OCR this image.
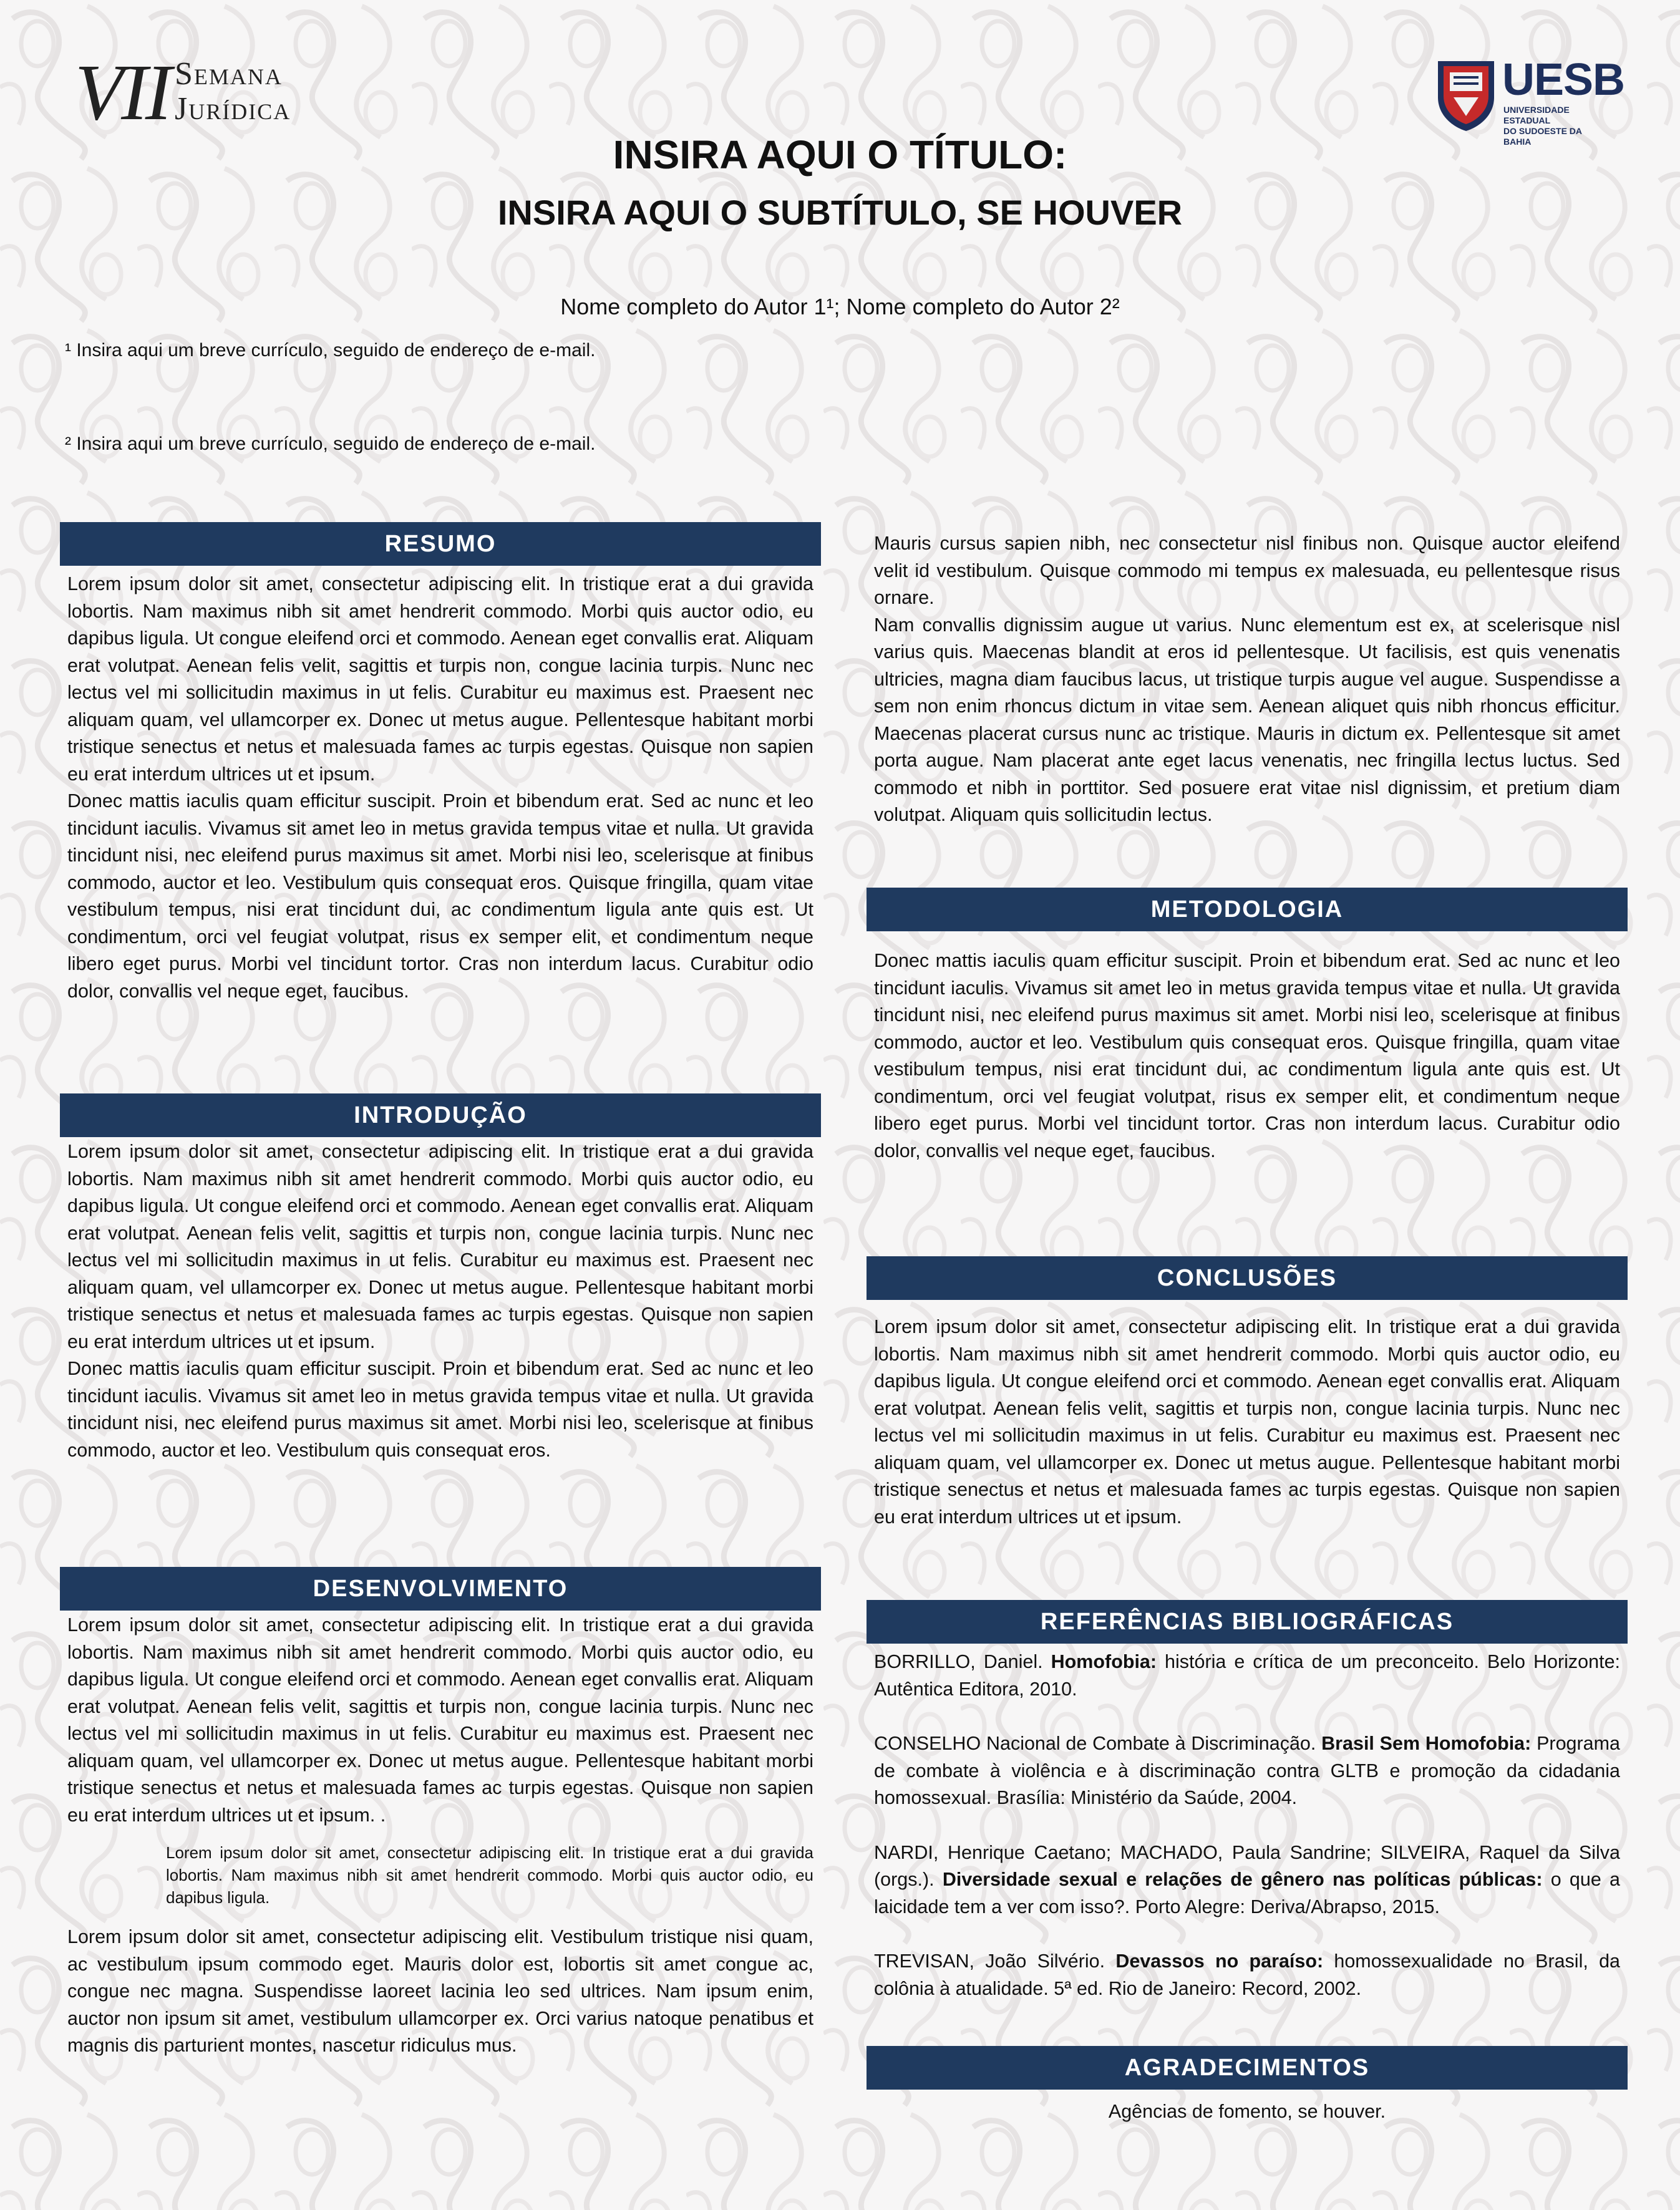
VII Semana
Jurídica
UESB
UNIVERSIDADE ESTADUAL
DO SUDOESTE DA BAHIA
INSIRA AQUI O TÍTULO:
INSIRA AQUI O SUBTÍTULO, SE HOUVER
Nome completo do Autor 1¹; Nome completo do Autor 2²
¹ Insira aqui um breve currículo, seguido de endereço de e-mail.
² Insira aqui um breve currículo, seguido de endereço de e-mail.
RESUMO

Lorem ipsum dolor sit amet, consectetur adipiscing elit. In tristique erat a dui gravida lobortis. Nam maximus nibh sit amet hendrerit commodo. Morbi quis auctor odio, eu dapibus ligula. Ut congue eleifend orci et commodo. Aenean eget convallis erat. Aliquam erat volutpat. Aenean felis velit, sagittis et turpis non, congue lacinia turpis. Nunc nec lectus vel mi sollicitudin maximus in ut felis. Curabitur eu maximus est. Praesent nec aliquam quam, vel ullamcorper ex. Donec ut metus augue. Pellentesque habitant morbi tristique senectus et netus et malesuada fames ac turpis egestas. Quisque non sapien eu erat interdum ultrices ut et ipsum.

Donec mattis iaculis quam efficitur suscipit. Proin et bibendum erat. Sed ac nunc et leo tincidunt iaculis. Vivamus sit amet leo in metus gravida tempus vitae et nulla. Ut gravida tincidunt nisi, nec eleifend purus maximus sit amet. Morbi nisi leo, scelerisque at finibus commodo, auctor et leo. Vestibulum quis consequat eros. Quisque fringilla, quam vitae vestibulum tempus, nisi erat tincidunt dui, ac condimentum ligula ante quis est. Ut condimentum, orci vel feugiat volutpat, risus ex semper elit, et condimentum neque libero eget purus. Morbi vel tincidunt tortor. Cras non interdum lacus. Curabitur odio dolor, convallis vel neque eget, faucibus.

INTRODUÇÃO

Lorem ipsum dolor sit amet, consectetur adipiscing elit. In tristique erat a dui gravida lobortis. Nam maximus nibh sit amet hendrerit commodo. Morbi quis auctor odio, eu dapibus ligula. Ut congue eleifend orci et commodo. Aenean eget convallis erat. Aliquam erat volutpat. Aenean felis velit, sagittis et turpis non, congue lacinia turpis. Nunc nec lectus vel mi sollicitudin maximus in ut felis. Curabitur eu maximus est. Praesent nec aliquam quam, vel ullamcorper ex. Donec ut metus augue. Pellentesque habitant morbi tristique senectus et netus et malesuada fames ac turpis egestas. Quisque non sapien eu erat interdum ultrices ut et ipsum.

Donec mattis iaculis quam efficitur suscipit. Proin et bibendum erat. Sed ac nunc et leo tincidunt iaculis. Vivamus sit amet leo in metus gravida tempus vitae et nulla. Ut gravida tincidunt nisi, nec eleifend purus maximus sit amet. Morbi nisi leo, scelerisque at finibus commodo, auctor et leo. Vestibulum quis consequat eros.

DESENVOLVIMENTO

Lorem ipsum dolor sit amet, consectetur adipiscing elit. In tristique erat a dui gravida lobortis. Nam maximus nibh sit amet hendrerit commodo. Morbi quis auctor odio, eu dapibus ligula. Ut congue eleifend orci et commodo. Aenean eget convallis erat. Aliquam erat volutpat. Aenean felis velit, sagittis et turpis non, congue lacinia turpis. Nunc nec lectus vel mi sollicitudin maximus in ut felis. Curabitur eu maximus est. Praesent nec aliquam quam, vel ullamcorper ex. Donec ut metus augue. Pellentesque habitant morbi tristique senectus et netus et malesuada fames ac turpis egestas. Quisque non sapien eu erat interdum ultrices ut et ipsum. .

Lorem ipsum dolor sit amet, consectetur adipiscing elit. In tristique erat a dui gravida lobortis. Nam maximus nibh sit amet hendrerit commodo. Morbi quis auctor odio, eu dapibus ligula.

Lorem ipsum dolor sit amet, consectetur adipiscing elit. Vestibulum tristique nisi quam, ac vestibulum ipsum commodo eget. Mauris dolor est, lobortis sit amet congue ac, congue nec magna. Suspendisse laoreet lacinia leo sed ultrices. Nam ipsum enim, auctor non ipsum sit amet, vestibulum ullamcorper ex. Orci varius natoque penatibus et magnis dis parturient montes, nascetur ridiculus mus.

Mauris cursus sapien nibh, nec consectetur nisl finibus non. Quisque auctor eleifend velit id vestibulum. Quisque commodo mi tempus ex malesuada, eu pellentesque risus ornare.

Nam convallis dignissim augue ut varius. Nunc elementum est ex, at scelerisque nisl varius quis. Maecenas blandit at eros id pellentesque. Ut facilisis, est quis venenatis ultricies, magna diam faucibus lacus, ut tristique turpis augue vel augue. Suspendisse a sem non enim rhoncus dictum in vitae sem. Aenean aliquet quis nibh rhoncus efficitur. Maecenas placerat cursus nunc ac tristique. Mauris in dictum ex. Pellentesque sit amet porta augue. Nam placerat ante eget lacus venenatis, nec fringilla lectus luctus. Sed commodo et nibh in porttitor. Sed posuere erat vitae nisl dignissim, et pretium diam volutpat. Aliquam quis sollicitudin lectus.

METODOLOGIA

Donec mattis iaculis quam efficitur suscipit. Proin et bibendum erat. Sed ac nunc et leo tincidunt iaculis. Vivamus sit amet leo in metus gravida tempus vitae et nulla. Ut gravida tincidunt nisi, nec eleifend purus maximus sit amet. Morbi nisi leo, scelerisque at finibus commodo, auctor et leo. Vestibulum quis consequat eros. Quisque fringilla, quam vitae vestibulum tempus, nisi erat tincidunt dui, ac condimentum ligula ante quis est. Ut condimentum, orci vel feugiat volutpat, risus ex semper elit, et condimentum neque libero eget purus. Morbi vel tincidunt tortor. Cras non interdum lacus. Curabitur odio dolor, convallis vel neque eget, faucibus.

CONCLUSÕES

Lorem ipsum dolor sit amet, consectetur adipiscing elit. In tristique erat a dui gravida lobortis. Nam maximus nibh sit amet hendrerit commodo. Morbi quis auctor odio, eu dapibus ligula. Ut congue eleifend orci et commodo. Aenean eget convallis erat. Aliquam erat volutpat. Aenean felis velit, sagittis et turpis non, congue lacinia turpis. Nunc nec lectus vel mi sollicitudin maximus in ut felis. Curabitur eu maximus est. Praesent nec aliquam quam, vel ullamcorper ex. Donec ut metus augue. Pellentesque habitant morbi tristique senectus et netus et malesuada fames ac turpis egestas. Quisque non sapien eu erat interdum ultrices ut et ipsum.

REFERÊNCIAS BIBLIOGRÁFICAS

BORRILLO, Daniel. Homofobia: história e crítica de um preconceito. Belo Horizonte: Autêntica Editora, 2010.

CONSELHO Nacional de Combate à Discriminação. Brasil Sem Homofobia: Programa de combate à violência e à discriminação contra GLTB e promoção da cidadania homossexual. Brasília: Ministério da Saúde, 2004.

NARDI, Henrique Caetano; MACHADO, Paula Sandrine; SILVEIRA, Raquel da Silva (orgs.). Diversidade sexual e relações de gênero nas políticas públicas: o que a laicidade tem a ver com isso?. Porto Alegre: Deriva/Abrapso, 2015.

TREVISAN, João Silvério. Devassos no paraíso: homossexualidade no Brasil, da colônia à atualidade. 5ª ed. Rio de Janeiro: Record, 2002.

AGRADECIMENTOS
Agências de fomento, se houver.
